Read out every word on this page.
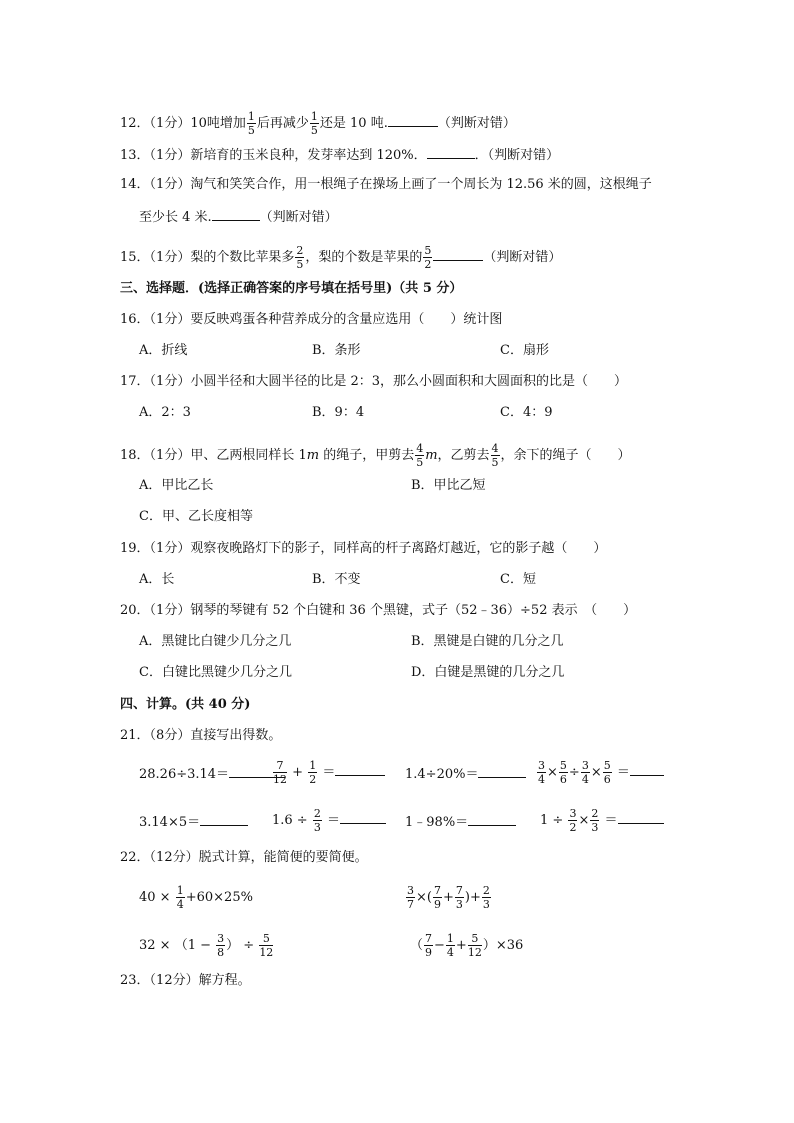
12．（1分）10吨增加 $\frac{1}{5}$ 后再减少 $\frac{1}{5}$ 还是 10 吨.	（判断对错）
13．（1分）新培育的玉米良种，发芽率达到 120%．	．（判断对错）
14．（1分）淘气和笑笑合作，用一根绳子在操场上画了一个周长为 12.56 米的圆，这根绳子
至少长 4 米.	（判断对错）
15．（1分）梨的个数比苹果多 $\frac{2}{5}$ ，梨的个数是苹果的 $\frac{5}{2}$	（判断对错）
三、选择题．(选择正确答案的序号填在括号里)（共 5 分）
16．（1分）要反映鸡蛋各种营养成分的含量应选用（　　）统计图
A．折线	B．条形	C．扇形
17．（1分）小圆半径和大圆半径的比是 2：3，那么小圆面积和大圆面积的比是（　　）
A．2：3	B．9：4	C．4：9
18．（1分）甲、乙两根同样长 1m 的绳子，甲剪去 $\frac{4}{5}$ m，乙剪去 $\frac{4}{5}$ ，余下的绳子（　　）
A．甲比乙长	B．甲比乙短
C．甲、乙长度相等
19．（1分）观察夜晚路灯下的影子，同样高的杆子离路灯越近，它的影子越（　　）
A．长	B．不变	C．短
20．（1分）钢琴的琴键有 52 个白键和 36 个黑键，式子（52﹣36）÷52 表示　（　　）
A．黑键比白键少几分之几	B．黑键是白键的几分之几
C．白键比黑键少几分之几	D．白键是黑键的几分之几
四、计算。(共 40 分)
21．（8分）直接写出得数。
28.26÷3.14＝	$\frac{7}{12} + \frac{1}{2}$ ＝	1.4÷20%＝	$\frac{3}{4} \times \frac{5}{6} \div \frac{3}{4} \times \frac{5}{6}$ ＝
3.14×5＝	$1.6 \div \frac{2}{3}$ ＝	1﹣98%＝	$1 \div \frac{3}{2} \times \frac{2}{3}$ ＝
22．（12分）脱式计算，能简便的要简便。
$40 \times \frac{1}{4} +60\times 25\%$	$\frac{3}{7}$ ×( $\frac{7}{9} + \frac{7}{3}$ )+ $\frac{2}{3}$
$32 \times (1 - \frac{3}{8}$ ） ÷ $\frac{5}{12}$	（ $\frac{7}{9} - \frac{1}{4} + \frac{5}{12} )\times 36$
23．（12分）解方程。
